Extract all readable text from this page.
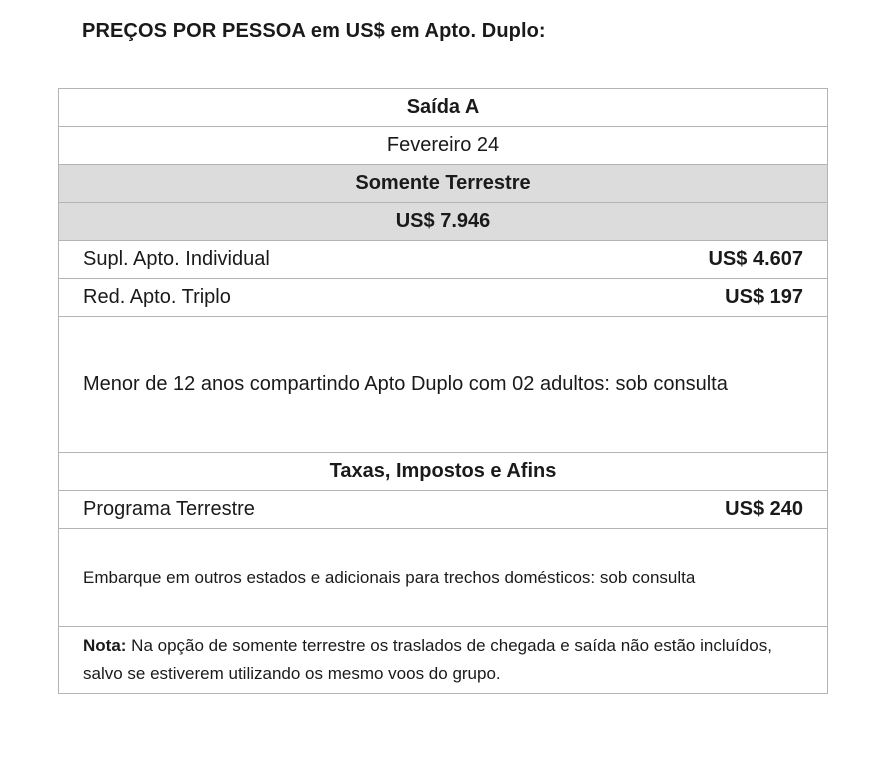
PREÇOS POR PESSOA em US$ em Apto. Duplo:
Saída A
Fevereiro 24
Somente Terrestre
US$ 7.946
Supl. Apto. Individual	US$ 4.607
Red. Apto. Triplo	US$ 197
Menor de 12 anos compartindo Apto Duplo com 02 adultos: sob consulta
Taxas, Impostos e Afins
Programa Terrestre	US$ 240
Embarque em outros estados e adicionais para trechos domésticos: sob consulta
Nota: Na opção de somente terrestre os traslados de chegada e saída não estão incluídos, salvo se estiverem utilizando os mesmo voos do grupo.
